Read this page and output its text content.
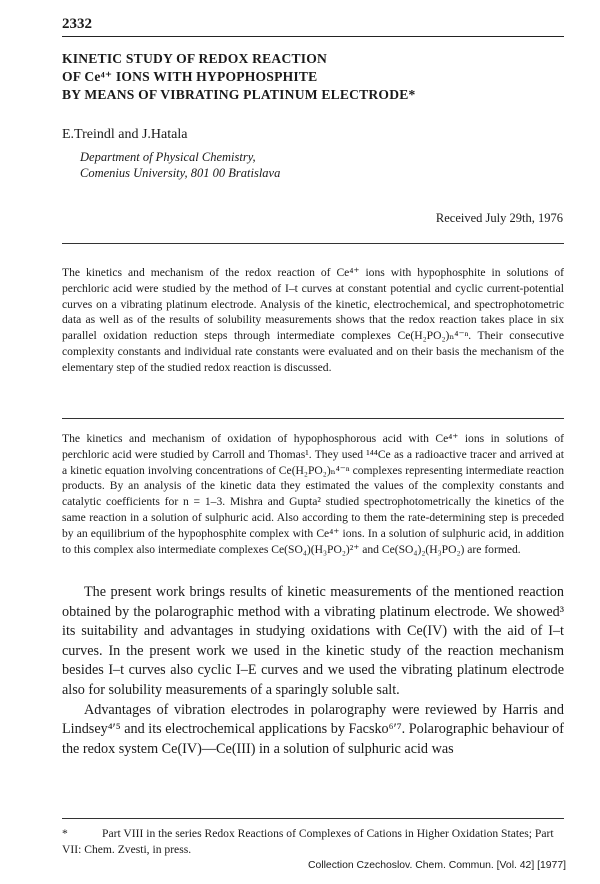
2332
KINETIC STUDY OF REDOX REACTION
OF Ce⁴⁺ IONS WITH HYPOPHOSPHITE
BY MEANS OF VIBRATING PLATINUM ELECTRODE*
E.Treindl and J.Hatala
Department of Physical Chemistry,
Comenius University, 801 00 Bratislava
Received July 29th, 1976

The kinetics and mechanism of the redox reaction of Ce⁴⁺ ions with hypophosphite in solutions of perchloric acid were studied by the method of I–t curves at constant potential and cyclic current-potential curves on a vibrating platinum electrode. Analysis of the kinetic, electrochemical, and spectrophotometric data as well as of the results of solubility measurements shows that the redox reaction takes place in six parallel oxidation reduction steps through intermediate complexes Ce(H₂PO₂)ₙ⁴⁻ⁿ. Their consecutive complexity constants and individual rate constants were evaluated and on their basis the mechanism of the elementary step of the studied redox reaction is discussed.

The kinetics and mechanism of oxidation of hypophosphorous acid with Ce⁴⁺ ions in solutions of perchloric acid were studied by Carroll and Thomas¹. They used ¹⁴⁴Ce as a radioactive tracer and arrived at a kinetic equation involving concentrations of Ce(H₂PO₂)ₙ⁴⁻ⁿ complexes representing intermediate reaction products. By an analysis of the kinetic data they estimated the values of the complexity constants and catalytic coefficients for n = 1–3. Mishra and Gupta² studied spectrophotometrically the kinetics of the same reaction in a solution of sulphuric acid. Also according to them the rate-determining step is preceded by an equilibrium of the hypophosphite complex with Ce⁴⁺ ions. In a solution of sulphuric acid, in addition to this complex also intermediate complexes Ce(SO₄)(H₃PO₂)²⁺ and Ce(SO₄)₂(H₃PO₂) are formed.

The present work brings results of kinetic measurements of the mentioned reaction obtained by the polarographic method with a vibrating platinum electrode. We showed³ its suitability and advantages in studying oxidations with Ce(IV) with the aid of I–t curves. In the present work we used in the kinetic study of the reaction mechanism besides I–t curves also cyclic I–E curves and we used the vibrating platinum electrode also for solubility measurements of a sparingly soluble salt.

Advantages of vibration electrodes in polarography were reviewed by Harris and Lindsey⁴ʹ⁵ and its electrochemical applications by Facsko⁶ʹ⁷. Polarographic behaviour of the redox system Ce(IV)—Ce(III) in a solution of sulphuric acid was

*	Part VIII in the series Redox Reactions of Complexes of Cations in Higher Oxidation States; Part VII: Chem. Zvesti, in press.
Collection Czechoslov. Chem. Commun. [Vol. 42] [1977]
